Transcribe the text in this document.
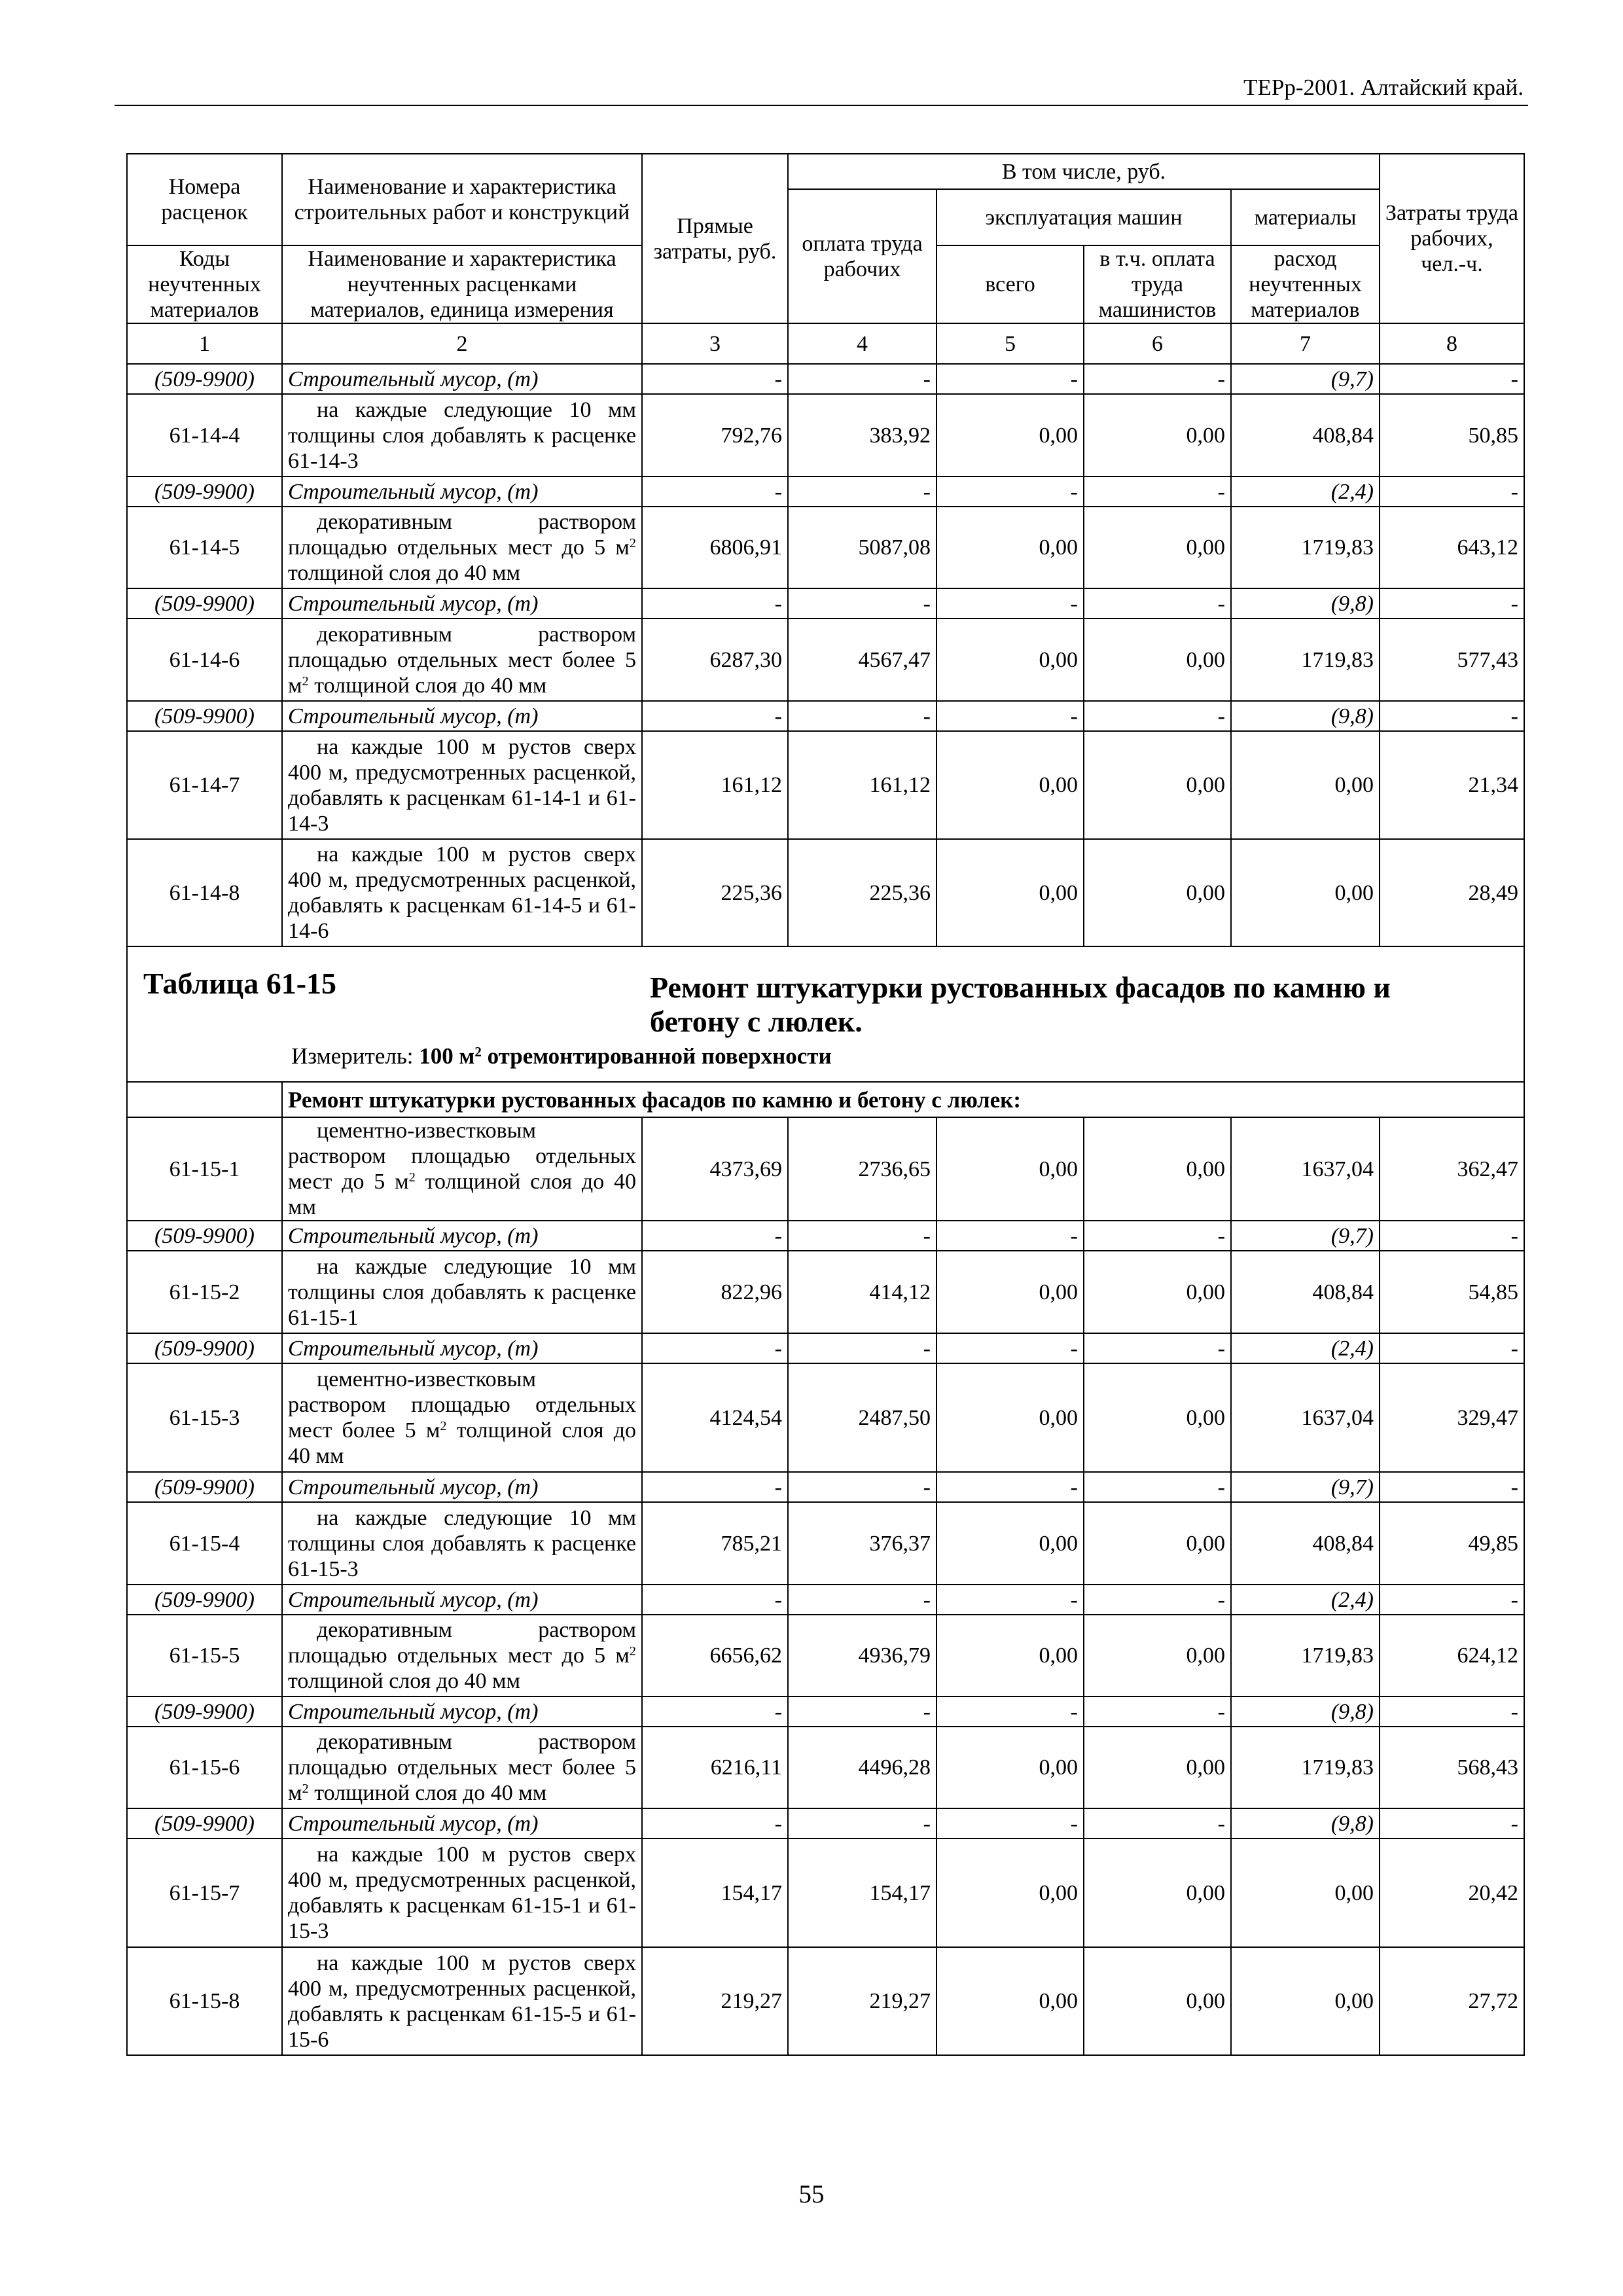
ТЕРр-2001. Алтайский край.
Номера расценок	Наименование и характеристика строительных работ и конструкций	Прямые затраты, руб.	В том числе, руб.				Затраты труда рабочих, чел.-ч.
			оплата труда рабочих	эксплуатация машин		материалы	
Коды неучтенных материалов	Наименование и характеристика неучтенных расценками материалов, единица измерения			всего	в т.ч. оплата труда машинистов	расход неучтенных материалов	
1	2	3	4	5	6	7	8
(509-9900)	Строительный мусор, (т)	-	-	-	-	(9,7)	-
61-14-4	на каждые следующие 10 мм толщины слоя добавлять к расценке 61-14-3	792,76	383,92	0,00	0,00	408,84	50,85
(509-9900)	Строительный мусор, (т)	-	-	-	-	(2,4)	-
61-14-5	декоративным раствором площадью отдельных мест до 5 $м^2$ толщиной слоя до 40 мм	6806,91	5087,08	0,00	0,00	1719,83	643,12
(509-9900)	Строительный мусор, (т)	-	-	-	-	(9,8)	-
61-14-6	декоративным раствором площадью отдельных мест более 5 $м^2$ толщиной слоя до 40 мм	6287,30	4567,47	0,00	0,00	1719,83	577,43
(509-9900)	Строительный мусор, (т)	-	-	-	-	(9,8)	-
61-14-7	на каждые 100 м рустов сверх 400 м, предусмотренных расценкой, добавлять к расценкам 61-14-1 и 61-14-3	161,12	161,12	0,00	0,00	0,00	21,34
61-14-8	на каждые 100 м рустов сверх 400 м, предусмотренных расценкой, добавлять к расценкам 61-14-5 и 61-14-6	225,36	225,36	0,00	0,00	0,00	28,49

Таблица 61-15 Ремонт штукатурки рустованных фасадов по камню и бетону с люлек.
Измеритель: 100 $м^2$ отремонтированной поверхности							

	Ремонт штукатурки рустованных фасадов по камню и бетону с люлек:						
61-15-1	цементно-известковым раствором площадью отдельных мест до 5 $м^2$ толщиной слоя до 40 мм	4373,69	2736,65	0,00	0,00	1637,04	362,47
(509-9900)	Строительный мусор, (т)	-	-	-	-	(9,7)	-
61-15-2	на каждые следующие 10 мм толщины слоя добавлять к расценке 61-15-1	822,96	414,12	0,00	0,00	408,84	54,85
(509-9900)	Строительный мусор, (т)	-	-	-	-	(2,4)	-
61-15-3	цементно-известковым раствором площадью отдельных мест более 5 $м^2$ толщиной слоя до 40 мм	4124,54	2487,50	0,00	0,00	1637,04	329,47
(509-9900)	Строительный мусор, (т)	-	-	-	-	(9,7)	-
61-15-4	на каждые следующие 10 мм толщины слоя добавлять к расценке 61-15-3	785,21	376,37	0,00	0,00	408,84	49,85
(509-9900)	Строительный мусор, (т)	-	-	-	-	(2,4)	-
61-15-5	декоративным раствором площадью отдельных мест до 5 $м^2$ толщиной слоя до 40 мм	6656,62	4936,79	0,00	0,00	1719,83	624,12
(509-9900)	Строительный мусор, (т)	-	-	-	-	(9,8)	-
61-15-6	декоративным раствором площадью отдельных мест более 5 $м^2$ толщиной слоя до 40 мм	6216,11	4496,28	0,00	0,00	1719,83	568,43
(509-9900)	Строительный мусор, (т)	-	-	-	-	(9,8)	-
61-15-7	на каждые 100 м рустов сверх 400 м, предусмотренных расценкой, добавлять к расценкам 61-15-1 и 61-15-3	154,17	154,17	0,00	0,00	0,00	20,42
61-15-8	на каждые 100 м рустов сверх 400 м, предусмотренных расценкой, добавлять к расценкам 61-15-5 и 61-15-6	219,27	219,27	0,00	0,00	0,00	27,72
55
